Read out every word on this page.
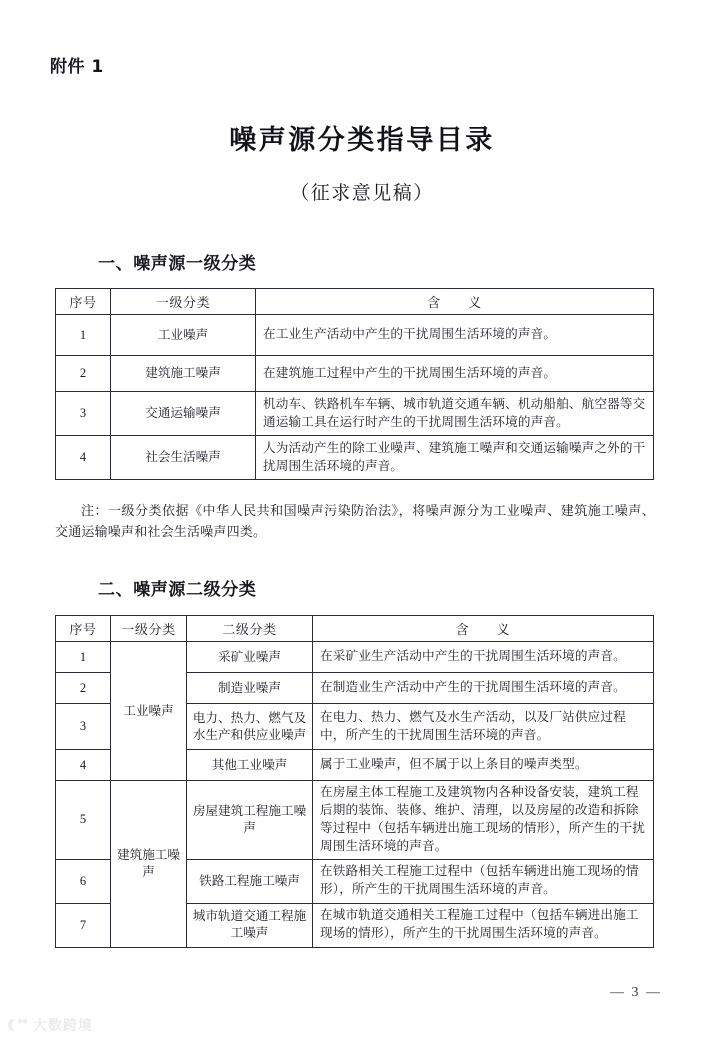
附件 1
噪声源分类指导目录
（征求意见稿）
一、噪声源一级分类
序号	一级分类	含　　义
1	工业噪声	在工业生产活动中产生的干扰周围生活环境的声音。
2	建筑施工噪声	在建筑施工过程中产生的干扰周围生活环境的声音。
3	交通运输噪声	机动车、铁路机车车辆、城市轨道交通车辆、机动船舶、航空器等交通运输工具在运行时产生的干扰周围生活环境的声音。
4	社会生活噪声	人为活动产生的除工业噪声、建筑施工噪声和交通运输噪声之外的干扰周围生活环境的声音。
注：一级分类依据《中华人民共和国噪声污染防治法》，将噪声源分为工业噪声、建筑施工噪声、交通运输噪声和社会生活噪声四类。
二、噪声源二级分类
序号	一级分类	二级分类	含　　义
1	工业噪声	采矿业噪声	在采矿业生产活动中产生的干扰周围生活环境的声音。
2		制造业噪声	在制造业生产活动中产生的干扰周围生活环境的声音。
3		电力、热力、燃气及水生产和供应业噪声	在电力、热力、燃气及水生产活动，以及厂站供应过程中，所产生的干扰周围生活环境的声音。
4		其他工业噪声	属于工业噪声，但不属于以上条目的噪声类型。
5	建筑施工噪声	房屋建筑工程施工噪声	在房屋主体工程施工及建筑物内各种设备安装，建筑工程后期的装饰、装修、维护、清理，以及房屋的改造和拆除等过程中（包括车辆进出施工现场的情形），所产生的干扰周围生活环境的声音。
6		铁路工程施工噪声	在铁路相关工程施工过程中（包括车辆进出施工现场的情形），所产生的干扰周围生活环境的声音。
7		城市轨道交通工程施工噪声	在城市轨道交通相关工程施工过程中（包括车辆进出施工现场的情形），所产生的干扰周围生活环境的声音。
— 3 —
大数跨境
